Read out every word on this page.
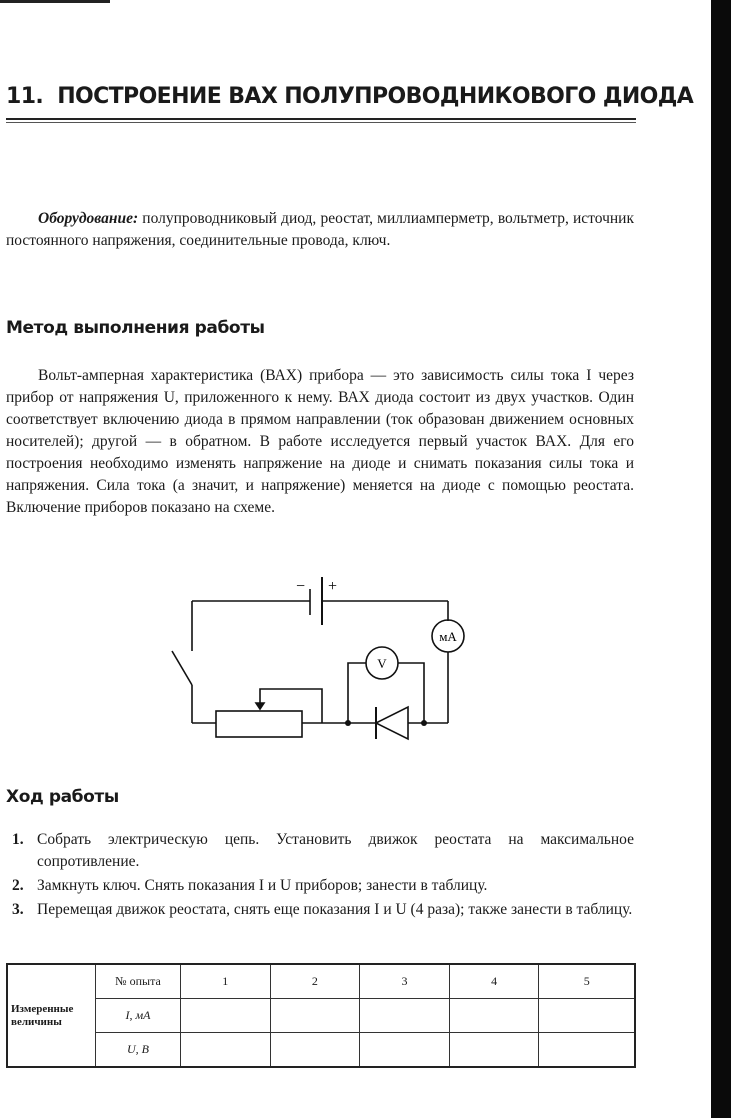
11. ПОСТРОЕНИЕ ВАХ ПОЛУПРОВОДНИКОВОГО ДИОДА

Оборудование: полупроводниковый диод, реостат, миллиамперметр, вольтметр, источник постоянного напряжения, соединительные провода, ключ.

Метод выполнения работы

Вольт-амперная характеристика (ВАХ) прибора — это зависимость силы тока I через прибор от напряжения U, приложенного к нему. ВАХ диода состоит из двух участков. Один соответствует включению диода в прямом направлении (ток образован движением основных носителей); другой — в обратном. В работе исследуется первый участок ВАХ. Для его построения необходимо изменять напряжение на диоде и снимать показания силы тока и напряжения. Сила тока (а значит, и напряжение) меняется на диоде с помощью реостата. Включение приборов показано на схеме.

− +
мА
V
Ход работы
1. Собрать электрическую цепь. Установить движок реостата на максимальное сопротивление.
2. Замкнуть ключ. Снять показания I и U приборов; занести в таблицу.
3. Перемещая движок реостата, снять еще показания I и U (4 раза); также занести в таблицу.
Измеренные величины	№ опыта	1	2	3	4	5
	I, мА					
	U, В					
